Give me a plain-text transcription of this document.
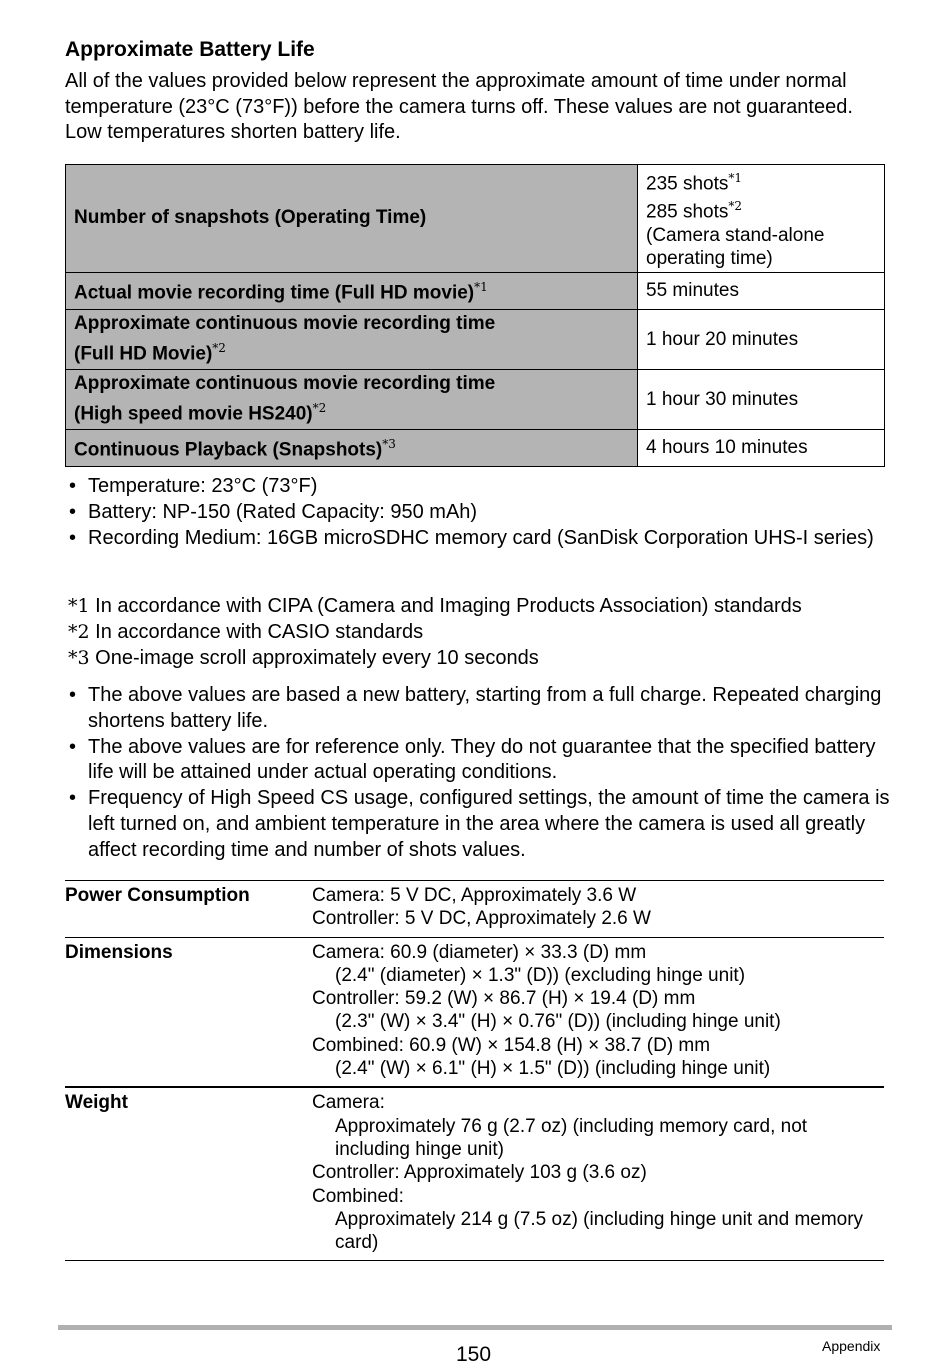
Approximate Battery Life
All of the values provided below represent the approximate amount of time under normal temperature (23°C (73°F)) before the camera turns off. These values are not guaranteed. Low temperatures shorten battery life.
Number of snapshots (Operating Time)	235 shots$^{*1}$
285 shots$^{*2}$
(Camera stand-alone operating time)

Actual movie recording time (Full HD movie)$^{*1}$	55 minutes

Approximate continuous movie recording time
(Full HD Movie)$^{*2}$	1 hour 20 minutes

Approximate continuous movie recording time
(High speed movie HS240)$^{*2}$	1 hour 30 minutes
Continuous Playback (Snapshots)$^{*3}$	4 hours 10 minutes
• Temperature: 23°C (73°F)
• Battery: NP-150 (Rated Capacity: 950 mAh)
• Recording Medium: 16GB microSDHC memory card (SanDisk Corporation UHS-I series)
*1 In accordance with CIPA (Camera and Imaging Products Association) standards
*2 In accordance with CASIO standards
*3 One-image scroll approximately every 10 seconds
• The above values are based a new battery, starting from a full charge. Repeated charging shortens battery life.
• The above values are for reference only. They do not guarantee that the specified battery life will be attained under actual operating conditions.
• Frequency of High Speed CS usage, configured settings, the amount of time the camera is left turned on, and ambient temperature in the area where the camera is used all greatly affect recording time and number of shots values.
Power Consumption	Camera: 5 V DC, Approximately 3.6 W
Controller: 5 V DC, Approximately 2.6 W
Dimensions	Camera: 60.9 (diameter) × 33.3 (D) mm
(2.4" (diameter) × 1.3" (D)) (excluding hinge unit)
Controller: 59.2 (W) × 86.7 (H) × 19.4 (D) mm
(2.3" (W) × 3.4" (H) × 0.76" (D)) (including hinge unit)
Combined: 60.9 (W) × 154.8 (H) × 38.7 (D) mm
(2.4" (W) × 6.1" (H) × 1.5" (D)) (including hinge unit)
Weight	Camera:
Approximately 76 g (2.7 oz) (including memory card, not including hinge unit)
Controller: Approximately 103 g (3.6 oz)
Combined:
Approximately 214 g (7.5 oz) (including hinge unit and memory card)
150	Appendix
